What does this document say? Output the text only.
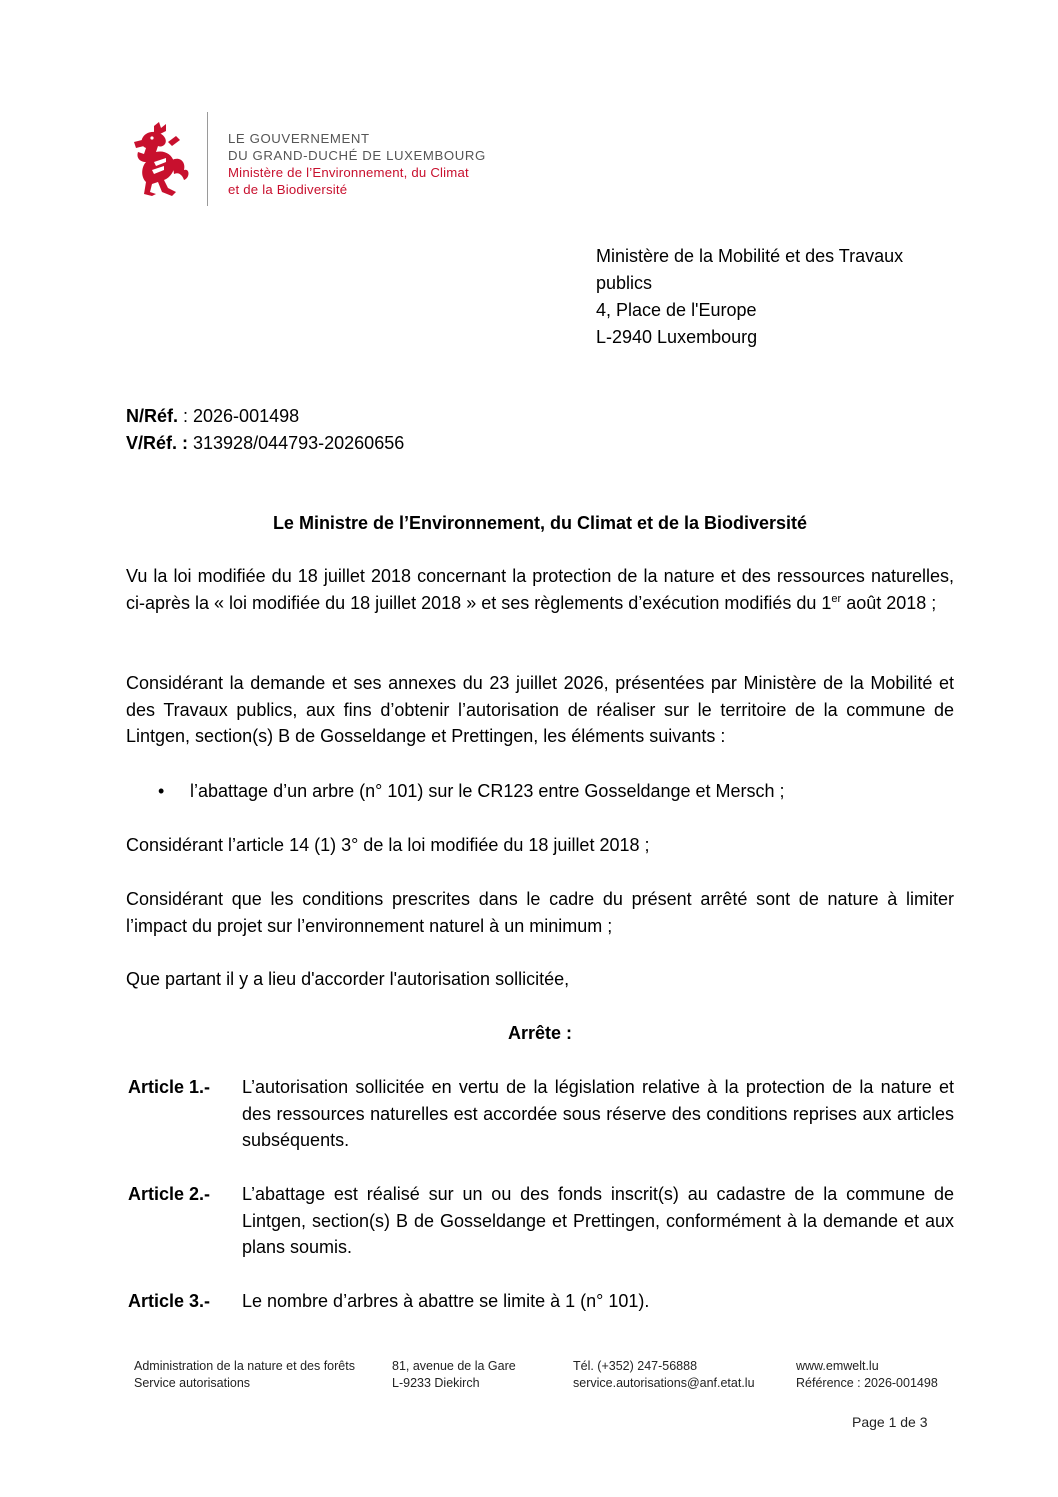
LE GOUVERNEMENT
DU GRAND-DUCHÉ DE LUXEMBOURG
Ministère de l’Environnement, du Climat
et de la Biodiversité
Ministère de la Mobilité et des Travaux
publics
4, Place de l'Europe
L-2940 Luxembourg
N/Réf. : 2026-001498
V/Réf. : 313928/044793-20260656
Le Ministre de l’Environnement, du Climat et de la Biodiversité
Vu la loi modifiée du 18 juillet 2018 concernant la protection de la nature et des ressources naturelles, ci-après la « loi modifiée du 18 juillet 2018 » et ses règlements d’exécution modifiés du 1er août 2018 ;
Considérant la demande et ses annexes du 23 juillet 2026, présentées par Ministère de la Mobilité et des Travaux publics, aux fins d’obtenir l’autorisation de réaliser sur le territoire de la commune de Lintgen, section(s) B de Gosseldange et Prettingen, les éléments suivants :
• l’abattage d’un arbre (n° 101) sur le CR123 entre Gosseldange et Mersch ;
Considérant l’article 14 (1) 3° de la loi modifiée du 18 juillet 2018 ;
Considérant que les conditions prescrites dans le cadre du présent arrêté sont de nature à limiter l’impact du projet sur l’environnement naturel à un minimum ;
Que partant il y a lieu d'accorder l'autorisation sollicitée,
Arrête :
Article 1.- L’autorisation sollicitée en vertu de la législation relative à la protection de la nature et des ressources naturelles est accordée sous réserve des conditions reprises aux articles subséquents.
Article 2.- L’abattage est réalisé sur un ou des fonds inscrit(s) au cadastre de la commune de Lintgen, section(s) B de Gosseldange et Prettingen, conformément à la demande et aux plans soumis.
Article 3.- Le nombre d’arbres à abattre se limite à 1 (n° 101).
Administration de la nature et des forêts
Service autorisations
81, avenue de la Gare
L-9233 Diekirch
Tél. (+352) 247-56888
service.autorisations@anf.etat.lu
www.emwelt.lu
Référence : 2026-001498
Page 1 de 3
